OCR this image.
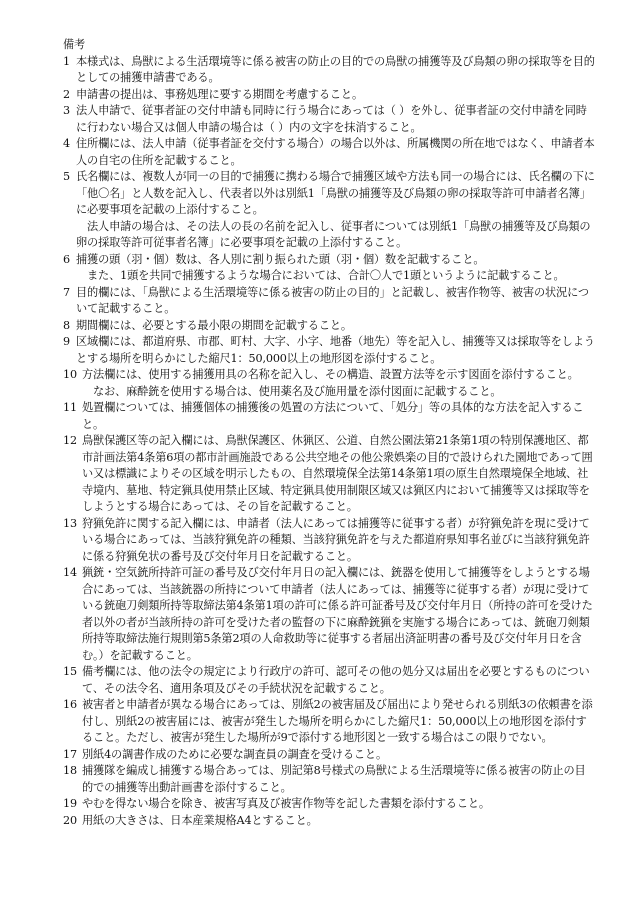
備考

1 本様式は、鳥獣による生活環境等に係る被害の防止の目的での鳥獣の捕獲等及び鳥類の卵の採取等を目的としての捕獲申請書である。

2 申請書の提出は、事務処理に要する期間を考慮すること。

3 法人申請で、従事者証の交付申請も同時に行う場合にあっては（ ）を外し、従事者証の交付申請を同時に行わない場合又は個人申請の場合は（ ）内の文字を抹消すること。

4 住所欄には、法人申請（従事者証を交付する場合）の場合以外は、所属機関の所在地ではなく、申請者本人の自宅の住所を記載すること。

5 氏名欄には、複数人が同一の目的で捕獲に携わる場合で捕獲区域や方法も同一の場合には、氏名欄の下に「他〇名」と人数を記入し、代表者以外は別紙1「鳥獣の捕獲等及び鳥類の卵の採取等許可申請者名簿」に必要事項を記載の上添付すること。

法人申請の場合は、その法人の長の名前を記入し、従事者については別紙1「鳥獣の捕獲等及び鳥類の卵の採取等許可従事者名簿」に必要事項を記載の上添付すること。

6 捕獲の頭（羽・個）数は、各人別に割り振られた頭（羽・個）数を記載すること。

また、1頭を共同で捕獲するような場合においては、合計〇人で1頭というように記載すること。

7 目的欄には、「鳥獣による生活環境等に係る被害の防止の目的」と記載し、被害作物等、被害の状況について記載すること。

8 期間欄には、必要とする最小限の期間を記載すること。

9 区域欄には、都道府県、市郡、町村、大字、小字、地番（地先）等を記入し、捕獲等又は採取等をしようとする場所を明らかにした縮尺1：50,000以上の地形図を添付すること。

10 方法欄には、使用する捕獲用具の名称を記入し、その構造、設置方法等を示す図面を添付すること。

なお、麻酔銃を使用する場合は、使用薬名及び施用量を添付図面に記載すること。

11 処置欄については、捕獲個体の捕獲後の処置の方法について、「処分」等の具体的な方法を記入すること。

12 鳥獣保護区等の記入欄には、鳥獣保護区、休猟区、公道、自然公園法第21条第1項の特別保護地区、都市計画法第4条第6項の都市計画施設である公共空地その他公衆娯楽の目的で設けられた園地であって囲い又は標識によりその区域を明示したもの、自然環境保全法第14条第1項の原生自然環境保全地域、社寺境内、墓地、特定猟具使用禁止区域、特定猟具使用制限区域又は猟区内において捕獲等又は採取等をしようとする場合にあっては、その旨を記載すること。

13 狩猟免許に関する記入欄には、申請者（法人にあっては捕獲等に従事する者）が狩猟免許を現に受けている場合にあっては、当該狩猟免許の種類、当該狩猟免許を与えた都道府県知事名並びに当該狩猟免許に係る狩猟免状の番号及び交付年月日を記載すること。

14 猟銃・空気銃所持許可証の番号及び交付年月日の記入欄には、銃器を使用して捕獲等をしようとする場合にあっては、当該銃器の所持について申請者（法人にあっては、捕獲等に従事する者）が現に受けている銃砲刀剣類所持等取締法第4条第1項の許可に係る許可証番号及び交付年月日（所持の許可を受けた者以外の者が当該所持の許可を受けた者の監督の下に麻酔銃猟を実施する場合にあっては、銃砲刀剣類所持等取締法施行規則第5条第2項の人命救助等に従事する者届出済証明書の番号及び交付年月日を含む。）を記載すること。

15 備考欄には、他の法令の規定により行政庁の許可、認可その他の処分又は届出を必要とするものについて、その法令名、適用条項及びその手続状況を記載すること。

16 被害者と申請者が異なる場合にあっては、別紙2の被害届及び届出により発せられる別紙3の依頼書を添付し、別紙2の被害届には、被害が発生した場所を明らかにした縮尺1：50,000以上の地形図を添付すること。ただし、被害が発生した場所が9で添付する地形図と一致する場合はこの限りでない。

17 別紙4の調書作成のために必要な調査員の調査を受けること。

18 捕獲隊を編成し捕獲する場合あっては、別記第8号様式の鳥獣による生活環境等に係る被害の防止の目的での捕獲等出動計画書を添付すること。

19 やむを得ない場合を除き、被害写真及び被害作物等を記した書類を添付すること。

20 用紙の大きさは、日本産業規格A4とすること。
